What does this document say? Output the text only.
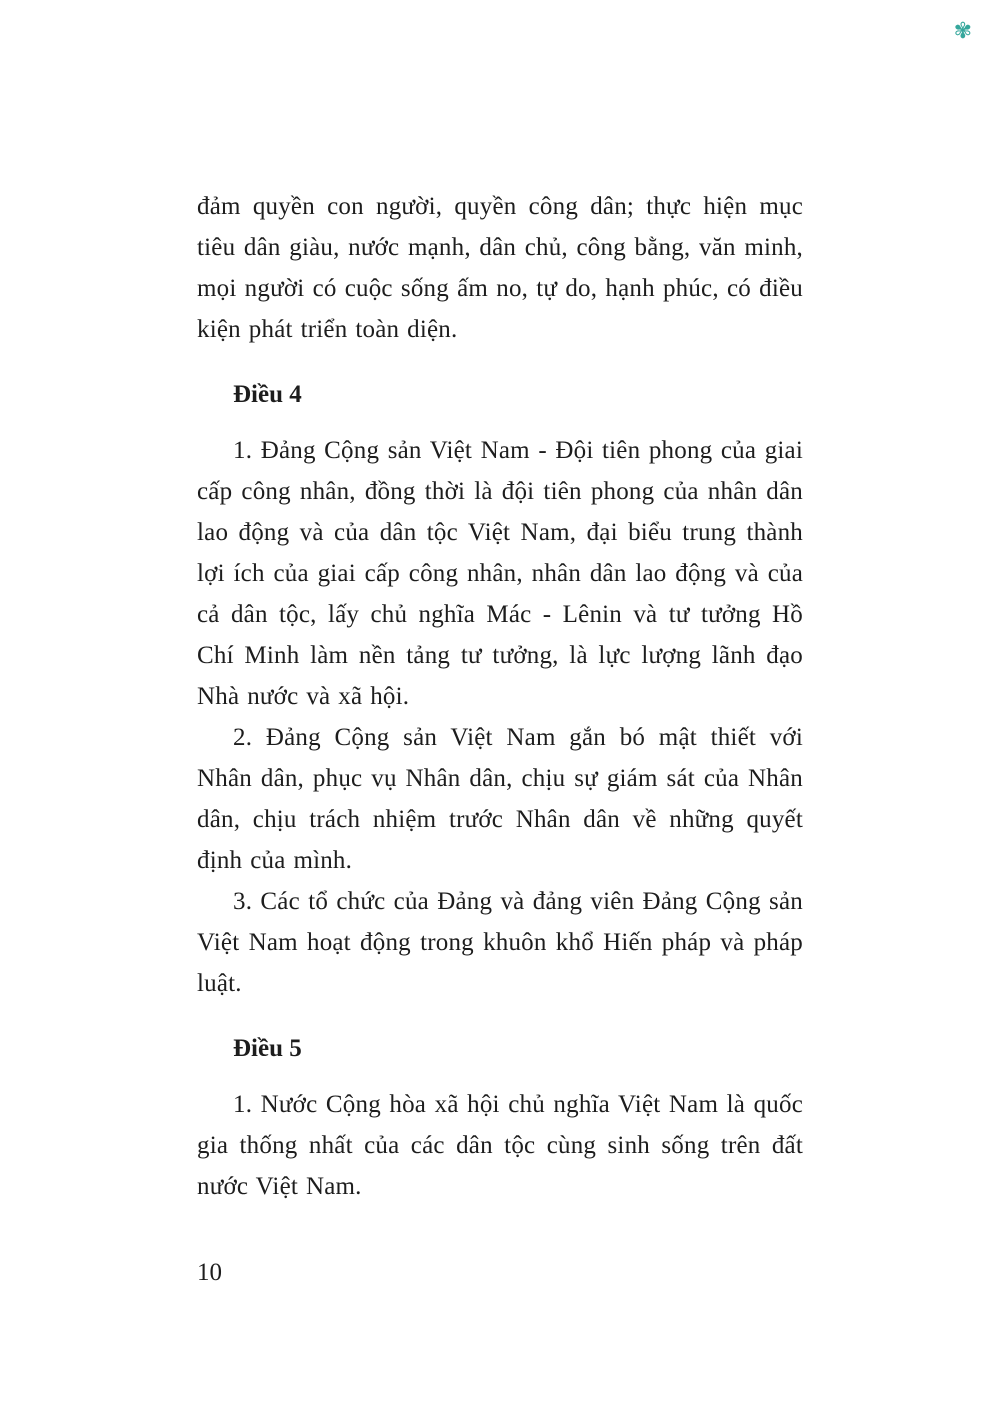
✾

đảm quyền con người, quyền công dân; thực hiện mục tiêu dân giàu, nước mạnh, dân chủ, công bằng, văn minh, mọi người có cuộc sống ấm no, tự do, hạnh phúc, có điều kiện phát triển toàn diện.

Điều 4

1. Đảng Cộng sản Việt Nam - Đội tiên phong của giai cấp công nhân, đồng thời là đội tiên phong của nhân dân lao động và của dân tộc Việt Nam, đại biểu trung thành lợi ích của giai cấp công nhân, nhân dân lao động và của cả dân tộc, lấy chủ nghĩa Mác - Lênin và tư tưởng Hồ Chí Minh làm nền tảng tư tưởng, là lực lượng lãnh đạo Nhà nước và xã hội.

2. Đảng Cộng sản Việt Nam gắn bó mật thiết với Nhân dân, phục vụ Nhân dân, chịu sự giám sát của Nhân dân, chịu trách nhiệm trước Nhân dân về những quyết định của mình.

3. Các tổ chức của Đảng và đảng viên Đảng Cộng sản Việt Nam hoạt động trong khuôn khổ Hiến pháp và pháp luật.

Điều 5

1. Nước Cộng hòa xã hội chủ nghĩa Việt Nam là quốc gia thống nhất của các dân tộc cùng sinh sống trên đất nước Việt Nam.

10
